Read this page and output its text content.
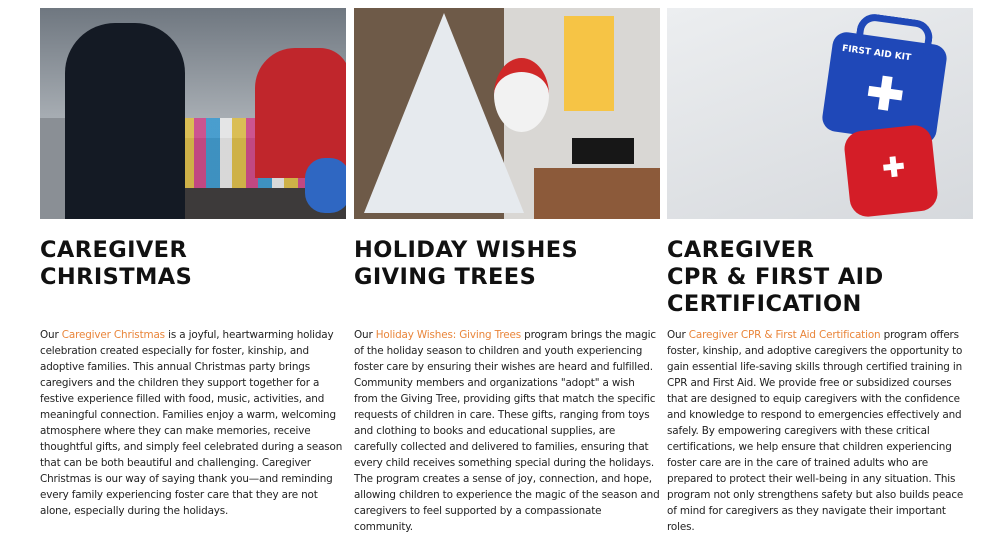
CAREGIVER
CHRISTMAS

Our Caregiver Christmas is a joyful, heartwarming holiday celebration created especially for foster, kinship, and adoptive families. This annual Christmas party brings caregivers and the children they support together for a festive experience filled with food, music, activities, and meaningful connection. Families enjoy a warm, welcoming atmosphere where they can make memories, receive thoughtful gifts, and simply feel celebrated during a season that can be both beautiful and challenging. Caregiver Christmas is our way of saying thank you—and reminding every family experiencing foster care that they are not alone, especially during the holidays.

HOLIDAY WISHES
GIVING TREES

Our Holiday Wishes: Giving Trees program brings the magic of the holiday season to children and youth experiencing foster care by ensuring their wishes are heard and fulfilled. Community members and organizations "adopt" a wish from the Giving Tree, providing gifts that match the specific requests of children in care. These gifts, ranging from toys and clothing to books and educational supplies, are carefully collected and delivered to families, ensuring that every child receives something special during the holidays. The program creates a sense of joy, connection, and hope, allowing children to experience the magic of the season and caregivers to feel supported by a compassionate community.

FIRST AID KIT
CAREGIVER
CPR & FIRST AID
CERTIFICATION

Our Caregiver CPR & First Aid Certification program offers foster, kinship, and adoptive caregivers the opportunity to gain essential life-saving skills through certified training in CPR and First Aid. We provide free or subsidized courses that are designed to equip caregivers with the confidence and knowledge to respond to emergencies effectively and safely. By empowering caregivers with these critical certifications, we help ensure that children experiencing foster care are in the care of trained adults who are prepared to protect their well-being in any situation. This program not only strengthens safety but also builds peace of mind for caregivers as they navigate their important roles.
